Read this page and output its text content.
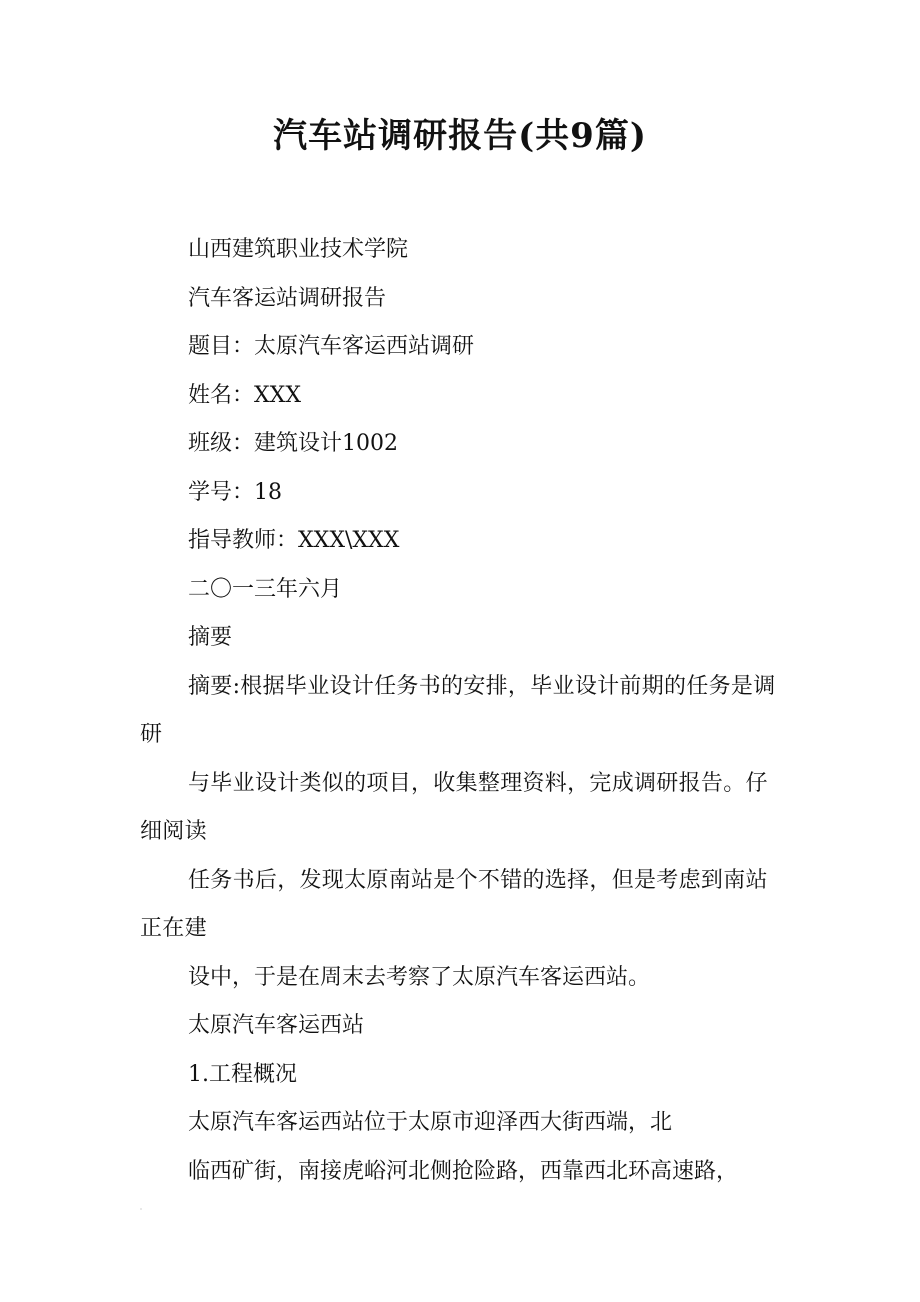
汽车站调研报告(共9篇)

山西建筑职业技术学院

汽车客运站调研报告

题目：太原汽车客运西站调研

姓名：XXX

班级：建筑设计1002

学号：18

指导教师：XXX\XXX

二〇一三年六月

摘要

摘要:根据毕业设计任务书的安排，毕业设计前期的任务是调研

与毕业设计类似的项目，收集整理资料，完成调研报告。仔细阅读

任务书后，发现太原南站是个不错的选择，但是考虑到南站正在建

设中，于是在周末去考察了太原汽车客运西站。

太原汽车客运西站

1.工程概况

太原汽车客运西站位于太原市迎泽西大街西端，北

临西矿街，南接虎峪河北侧抢险路，西靠西北环高速路，
